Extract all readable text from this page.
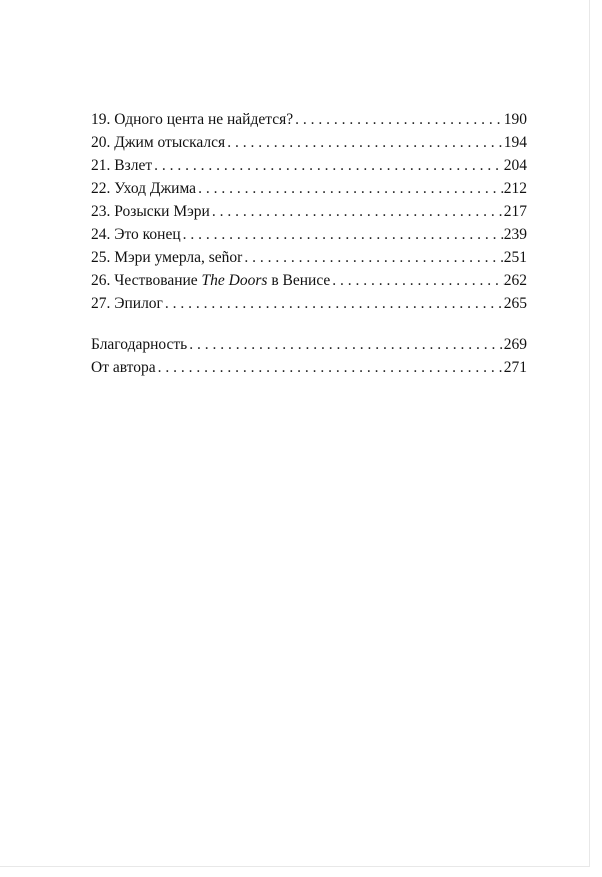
19. Одного цента не найдется? . . .	190
20. Джим отыскался . . .	194
21. Взлет . . .	204
22. Уход Джима . . .	212
23. Розыски Мэри . . .	217
24. Это конец . . .	239
25. Мэри умерла, señor . . .	251
26. Чествование The Doors в Венисе . . .	262
27. Эпилог . . .	265
Благодарность . . .	269
От автора . . .	271
